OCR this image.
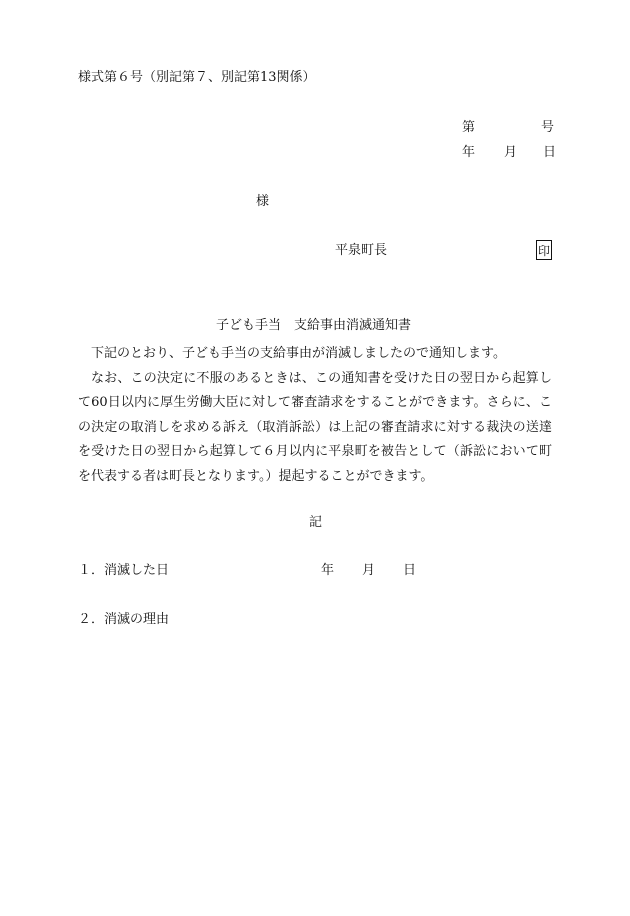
様式第６号（別記第７、別記第13関係）
第	号
年 月 日
様
平泉町長	印
子ども手当　支給事由消滅通知書

下記のとおり、子ども手当の支給事由が消滅しましたので通知します。

なお、この決定に不服のあるときは、この通知書を受けた日の翌日から起算して60日以内に厚生労働大臣に対して審査請求をすることができます。さらに、この決定の取消しを求める訴え（取消訴訟）は上記の審査請求に対する裁決の送達を受けた日の翌日から起算して６月以内に平泉町を被告として（訴訟において町を代表する者は町長となります。）提起することができます。

記
１．消滅した日	年 月 日
２．消滅の理由
